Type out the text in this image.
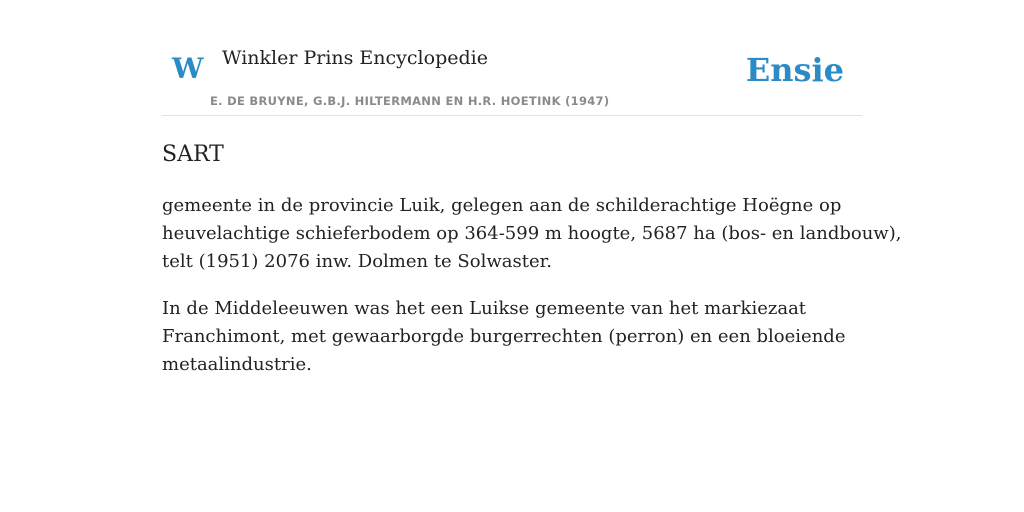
W Winkler Prins Encyclopedie
E. DE BRUYNE, G.B.J. HILTERMANN EN H.R. HOETINK (1947)
Ensie
SART

gemeente in de provincie Luik, gelegen aan de schilderachtige Hoëgne op
heuvelachtige schieferbodem op 364-599 m hoogte, 5687 ha (bos- en landbouw),
telt (1951) 2076 inw. Dolmen te Solwaster.

In de Middeleeuwen was het een Luikse gemeente van het markiezaat
Franchimont, met gewaarborgde burgerrechten (perron) en een bloeiende
metaalindustrie.
